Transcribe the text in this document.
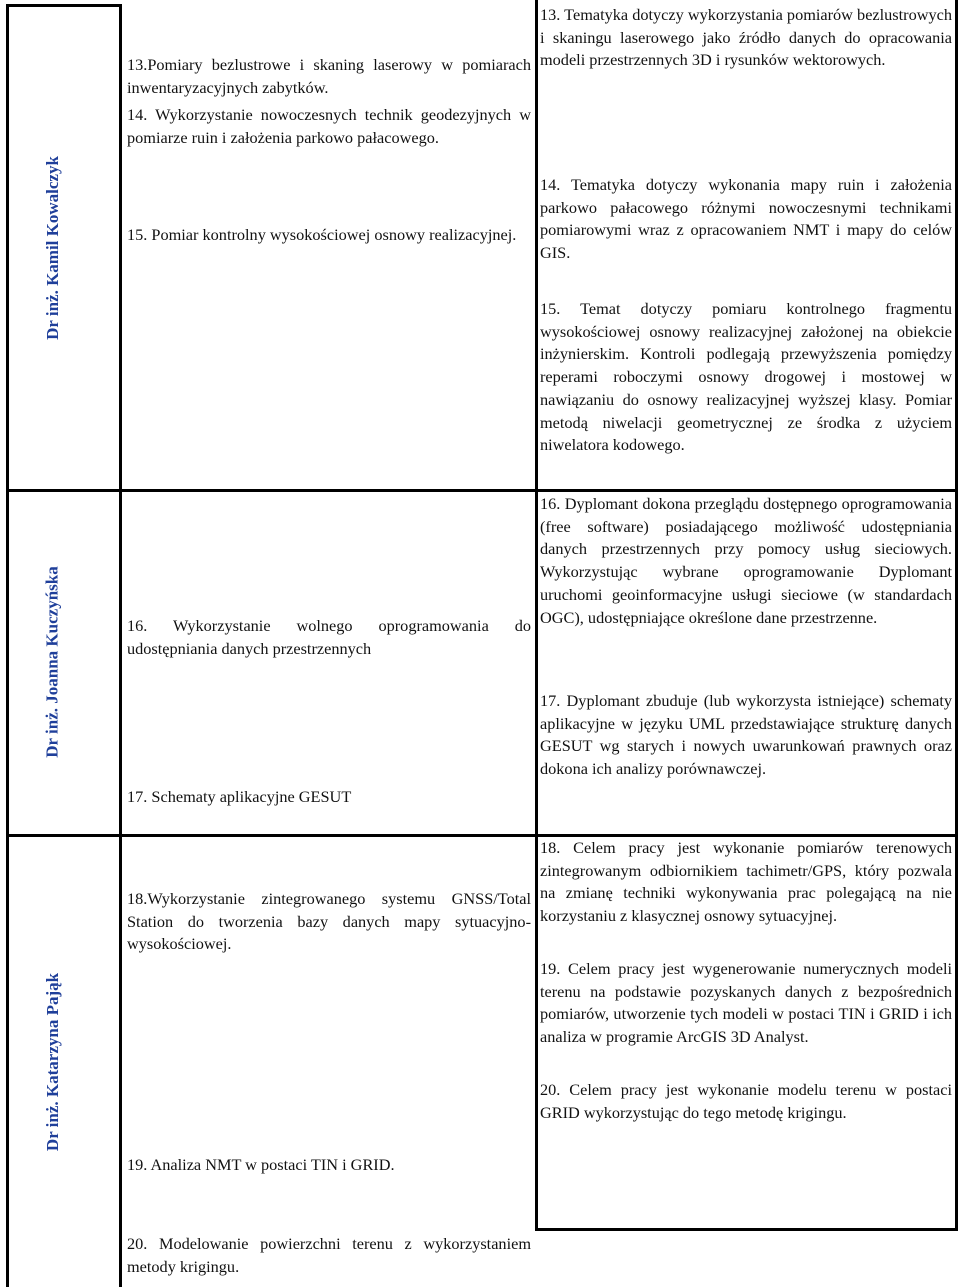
Dr inż. Kamil Kowalczyk

13.Pomiary bezlustrowe i skaning laserowy w pomiarach inwentaryzacyjnych zabytków.

14. Wykorzystanie nowoczesnych technik geodezyjnych w pomiarze ruin i założenia parkowo pałacowego.

15. Pomiar kontrolny wysokościowej osnowy realizacyjnej.

13. Tematyka dotyczy wykorzystania pomiarów bezlustrowych i skaningu laserowego jako źródło danych do opracowania modeli przestrzennych 3D i rysunków wektorowych.

14. Tematyka dotyczy wykonania mapy ruin i założenia parkowo pałacowego różnymi nowoczesnymi technikami pomiarowymi wraz z opracowaniem NMT i mapy do celów GIS.

15. Temat dotyczy pomiaru kontrolnego fragmentu wysokościowej osnowy realizacyjnej założonej na obiekcie inżynierskim. Kontroli podlegają przewyższenia pomiędzy reperami roboczymi osnowy drogowej i mostowej w nawiązaniu do osnowy realizacyjnej wyższej klasy. Pomiar metodą niwelacji geometrycznej ze środka z użyciem niwelatora kodowego.

Dr inż. Joanna Kuczyńska	16. Wykorzystanie wolnego oprogramowania do udostępniania danych przestrzennych

17. Schematy aplikacyjne GESUT

16. Dyplomant dokona przeglądu dostępnego oprogramowania (free software) posiadającego możliwość udostępniania danych przestrzennych przy pomocy usług sieciowych. Wykorzystując wybrane oprogramowanie Dyplomant uruchomi geoinformacyjne usługi sieciowe (w standardach OGC), udostępniające określone dane przestrzenne.

17. Dyplomant zbuduje (lub wykorzysta istniejące) schematy aplikacyjne w języku UML przedstawiające strukturę danych GESUT wg starych i nowych uwarunkowań prawnych oraz dokona ich analizy porównawczej.

Dr inż. Katarzyna Pająk

18.Wykorzystanie zintegrowanego systemu GNSS/Total Station do tworzenia bazy danych mapy sytuacyjno-wysokościowej.

19. Analiza NMT w postaci TIN i GRID.

20. Modelowanie powierzchni terenu z wykorzystaniem metody krigingu.

18. Celem pracy jest wykonanie pomiarów terenowych zintegrowanym odbiornikiem tachimetr/GPS, który pozwala na zmianę techniki wykonywania prac polegającą na nie korzystaniu z klasycznej osnowy sytuacyjnej.

19. Celem pracy jest wygenerowanie numerycznych modeli terenu na podstawie pozyskanych danych z bezpośrednich pomiarów, utworzenie tych modeli w postaci TIN i GRID i ich analiza w programie ArcGIS 3D Analyst.

20. Celem pracy jest wykonanie modelu terenu w postaci GRID wykorzystując do tego metodę krigingu.
